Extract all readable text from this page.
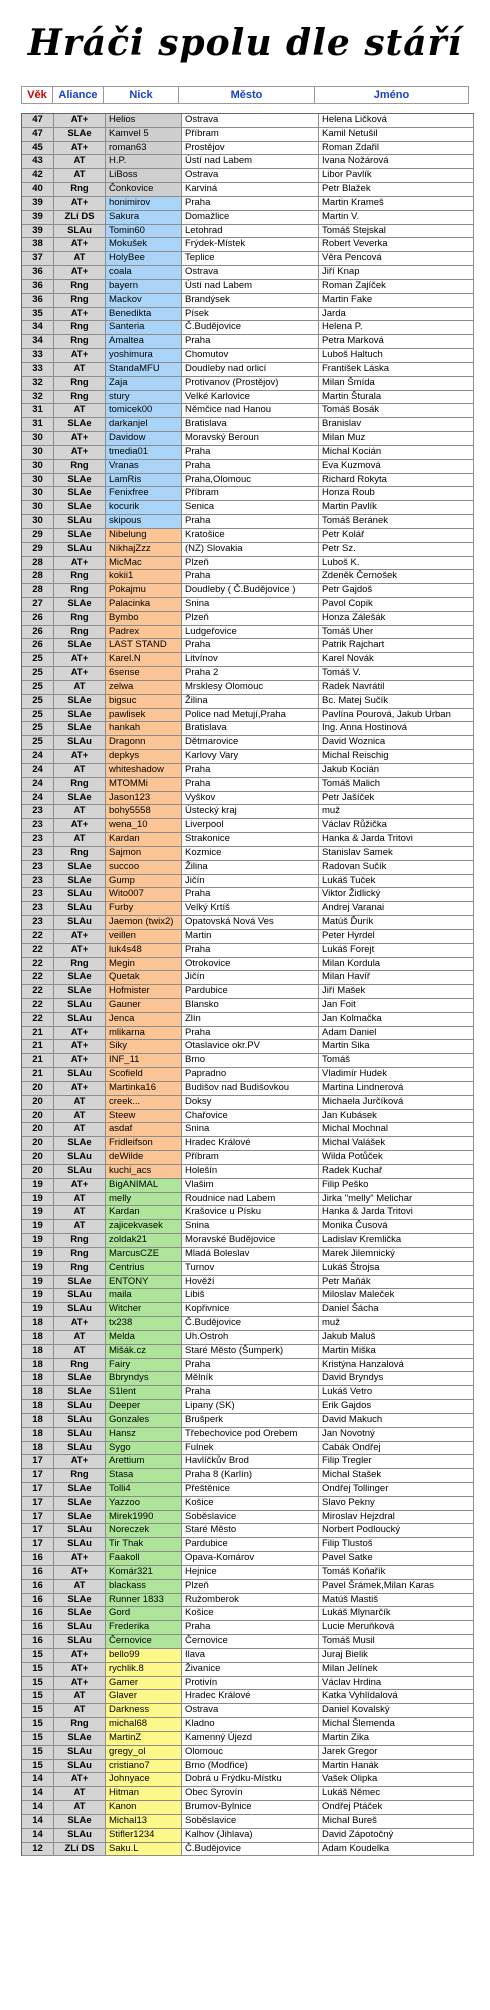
Hráči spolu dle stáří
Věk	Aliance	Nick	Město	Jméno
47	AT+	Helios	Ostrava	Helena Ličková
47	SLAe	Kamvel 5	Příbram	Kamil Netušil
45	AT+	roman63	Prostějov	Roman Zdařil
43	AT	H.P.	Ústí nad Labem	Ivana Nožárová
42	AT	LiBoss	Ostrava	Libor Pavlík
40	Rng	Čonkovice	Karviná	Petr Blažek
39	AT+	honimirov	Praha	Martin Krameš
39	ZLí DS	Sakura	Domažlice	Martin V.
39	SLAu	Tomin60	Letohrad	Tomáš Stejskal
38	AT+	Mokušek	Frýdek-Místek	Robert Veverka
37	AT	HolyBee	Teplice	Věra Pencová
36	AT+	coala	Ostrava	Jiří Knap
36	Rng	bayern	Ústí nad Labem	Roman Zajíček
36	Rng	Mackov	Brandýsek	Martin Fake
35	AT+	Benedikta	Písek	Jarda
34	Rng	Santeria	Č.Budějovice	Helena P.
34	Rng	Amaltea	Praha	Petra Marková
33	AT+	yoshimura	Chomutov	Luboš Haltuch
33	AT	StandaMFU	Doudleby nad orlicí	František Láska
32	Rng	Zaja	Protivanov (Prostějov)	Milan Šmída
32	Rng	stury	Velké Karlovice	Martin Šturala
31	AT	tomicek00	Němčice nad Hanou	Tomáš Bosák
31	SLAe	darkanjel	Bratislava	Branislav
30	AT+	Davidow	Moravský Beroun	Milan Muz
30	AT+	tmedia01	Praha	Michal Kocián
30	Rng	Vranas	Praha	Eva Kuzmová
30	SLAe	LamRis	Praha,Olomouc	Richard Rokyta
30	SLAe	Fenixfree	Příbram	Honza Roub
30	SLAe	kocurik	Senica	Martin Pavlík
30	SLAu	skipous	Praha	Tomáš Beránek
29	SLAe	Nibelung	Kratošice	Petr Kolář
29	SLAu	NikhajZzz	(NZ) Slovakia	Petr Sz.
28	AT+	MicMac	Plzeň	Luboš K.
28	Rng	kokii1	Praha	Zdeněk Černošek
28	Rng	Pokajmu	Doudleby ( Č.Budějovice )	Petr Gajdoš
27	SLAe	Palacinka	Snina	Pavol Copik
26	Rng	Bymbo	Plzeň	Honza Zálešák
26	Rng	Padrex	Ludgeřovice	Tomáš Uher
26	SLAe	LAST STAND	Praha	Patrik Rajchart
25	AT+	Karel.N	Litvínov	Karel Novák
25	AT+	6sense	Praha 2	Tomáš V.
25	AT	zelwa	Mrsklesy Olomouc	Radek Navrátil
25	SLAe	bigsuc	Žilina	Bc. Matej Sučík
25	SLAe	pawlisek	Police nad Metují,Praha	Pavlína Pourová, Jakub Urban
25	SLAe	hankah	Bratislava	Ing. Anna Hostinová
25	SLAu	Dragonn	Dětmarovice	David Woznica
24	AT+	depkys	Karlovy Vary	Michal Reischig
24	AT	whiteshadow	Praha	Jakub Kocián
24	Rng	MTOMMi	Praha	Tomáš Malich
24	SLAe	Jason123	Vyškov	Petr Jašíček
23	AT	bohy5558	Ústecký kraj	muž
23	AT+	wena_10	Liverpool	Václav Růžička
23	AT	Kardan	Strakonice	Hanka & Jarda Tritovi
23	Rng	Sajmon	Kozmice	Stanislav Samek
23	SLAe	succoo	Žilina	Radovan Sučík
23	SLAe	Gump	Jičín	Lukáš Tuček
23	SLAu	Wito007	Praha	Viktor Židlický
23	SLAu	Furby	Velký Krtíš	Andrej Varanai
23	SLAu	Jaemon (twix2)	Opatovská Nová Ves	Matúš Ďurík
22	AT+	veillen	Martin	Peter Hyrdel
22	AT+	luk4s48	Praha	Lukáš Forejt
22	Rng	Megin	Otrokovice	Milan Kordula
22	SLAe	Quetak	Jičín	Milan Havíř
22	SLAe	Hofmister	Pardubice	Jiří Mašek
22	SLAu	Gauner	Blansko	Jan Foit
22	SLAu	Jenca	Zlín	Jan Kolmačka
21	AT+	mlikarna	Praha	Adam Daniel
21	AT+	Siky	Otaslavice okr.PV	Martin Sika
21	AT+	INF_11	Brno	Tomáš
21	SLAu	Scofield	Papradno	Vladimír Hudek
20	AT+	Martinka16	Budišov nad Budišovkou	Martina Lindnerová
20	AT	creek...	Doksy	Michaela Jurčíková
20	AT	Steew	Chařovice	Jan Kubásek
20	AT	asdaf	Snina	Michal Mochnal
20	SLAe	Fridleifson	Hradec Králové	Michal Valášek
20	SLAu	deWilde	Příbram	Wilda Potůček
20	SLAu	kuchi_acs	Holešín	Radek Kuchař
19	AT+	BigANIMAL	Vlašim	Filip Peško
19	AT	melly	Roudnice nad Labem	Jirka "melly" Melichar
19	AT	Kardan	Krašovice u Písku	Hanka & Jarda Tritovi
19	AT	zajicekvasek	Snina	Monika Čusová
19	Rng	zoldak21	Moravské Budějovice	Ladislav Kremlička
19	Rng	MarcusCZE	Mladá Boleslav	Marek Jilemnický
19	Rng	Centrius	Turnov	Lukáš Štrojsa
19	SLAe	ENTONY	Hověží	Petr Maňák
19	SLAu	maila	Libiš	Miloslav Maleček
19	SLAu	Witcher	Kopřivnice	Daniel Šácha
18	AT+	tx238	Č.Budějovice	muž
18	AT	Melda	Uh.Ostroh	Jakub Maluš
18	AT	Mišák.cz	Staré Město (Šumperk)	Martin Miška
18	Rng	Fairy	Praha	Kristýna Hanzalová
18	SLAe	Bbryndys	Mělník	David Bryndys
18	SLAe	S1lent	Praha	Lukáš Vetro
18	SLAu	Deeper	Lipany (SK)	Erik Gajdos
18	SLAu	Gonzales	Brušperk	David Makuch
18	SLAu	Hansz	Třebechovice pod Orebem	Jan Novotný
18	SLAu	Sygo	Fulnek	Cabák Ondřej
17	AT+	Arettium	Havlíčkův Brod	Filip Tregler
17	Rng	Stasa	Praha 8 (Karlín)	Michal Stašek
17	SLAe	Tolli4	Přeštěnice	Ondřej Tollinger
17	SLAe	Yazzoo	Košice	Slavo Pekny
17	SLAe	Mirek1990	Soběslavice	Miroslav Hejzdral
17	SLAu	Noreczek	Staré Město	Norbert Podloucký
17	SLAu	Tir Thak	Pardubice	Filip Tlustoš
16	AT+	Faakoll	Opava-Komárov	Pavel Satke
16	AT+	Komár321	Hejnice	Tomáš Koňařík
16	AT	blackass	Plzeň	Pavel Šrámek,Milan Karas
16	SLAe	Runner 1833	Ružomberok	Matúš Mastiš
16	SLAe	Gord	Košice	Lukáš Mlynarčík
16	SLAu	Frederika	Praha	Lucie Meruňková
16	SLAu	Černovice	Černovice	Tomáš Musil
15	AT+	bello99	Ilava	Juraj Bielik
15	AT+	rychlik.8	Živanice	Milan Jelínek
15	AT+	Gamer	Protivín	Václav Hrdina
15	AT	Glaver	Hradec Králové	Katka Vyhlídalová
15	AT	Darkness	Ostrava	Daniel Kovalský
15	Rng	michal68	Kladno	Michal Šlemenda
15	SLAe	MartinZ	Kamenný Újezd	Martin Zika
15	SLAu	gregy_ol	Olomouc	Jarek Gregor
15	SLAu	cristiano7	Brno (Modřice)	Martin Hanák
14	AT+	Johnyace	Dobrá u Frýdku-Místku	Vašek Olipka
14	AT	Hitman	Obec Syrovín	Lukáš Němec
14	AT	Kanon	Brumov-Bylnice	Ondřej Ptáček
14	SLAe	Michal13	Soběslavice	Michal Bureš
14	SLAu	Stifler1234	Kalhov (Jihlava)	David Zápotočný
12	ZLí DS	Saku.L	Č.Budějovice	Adam Koudelka
